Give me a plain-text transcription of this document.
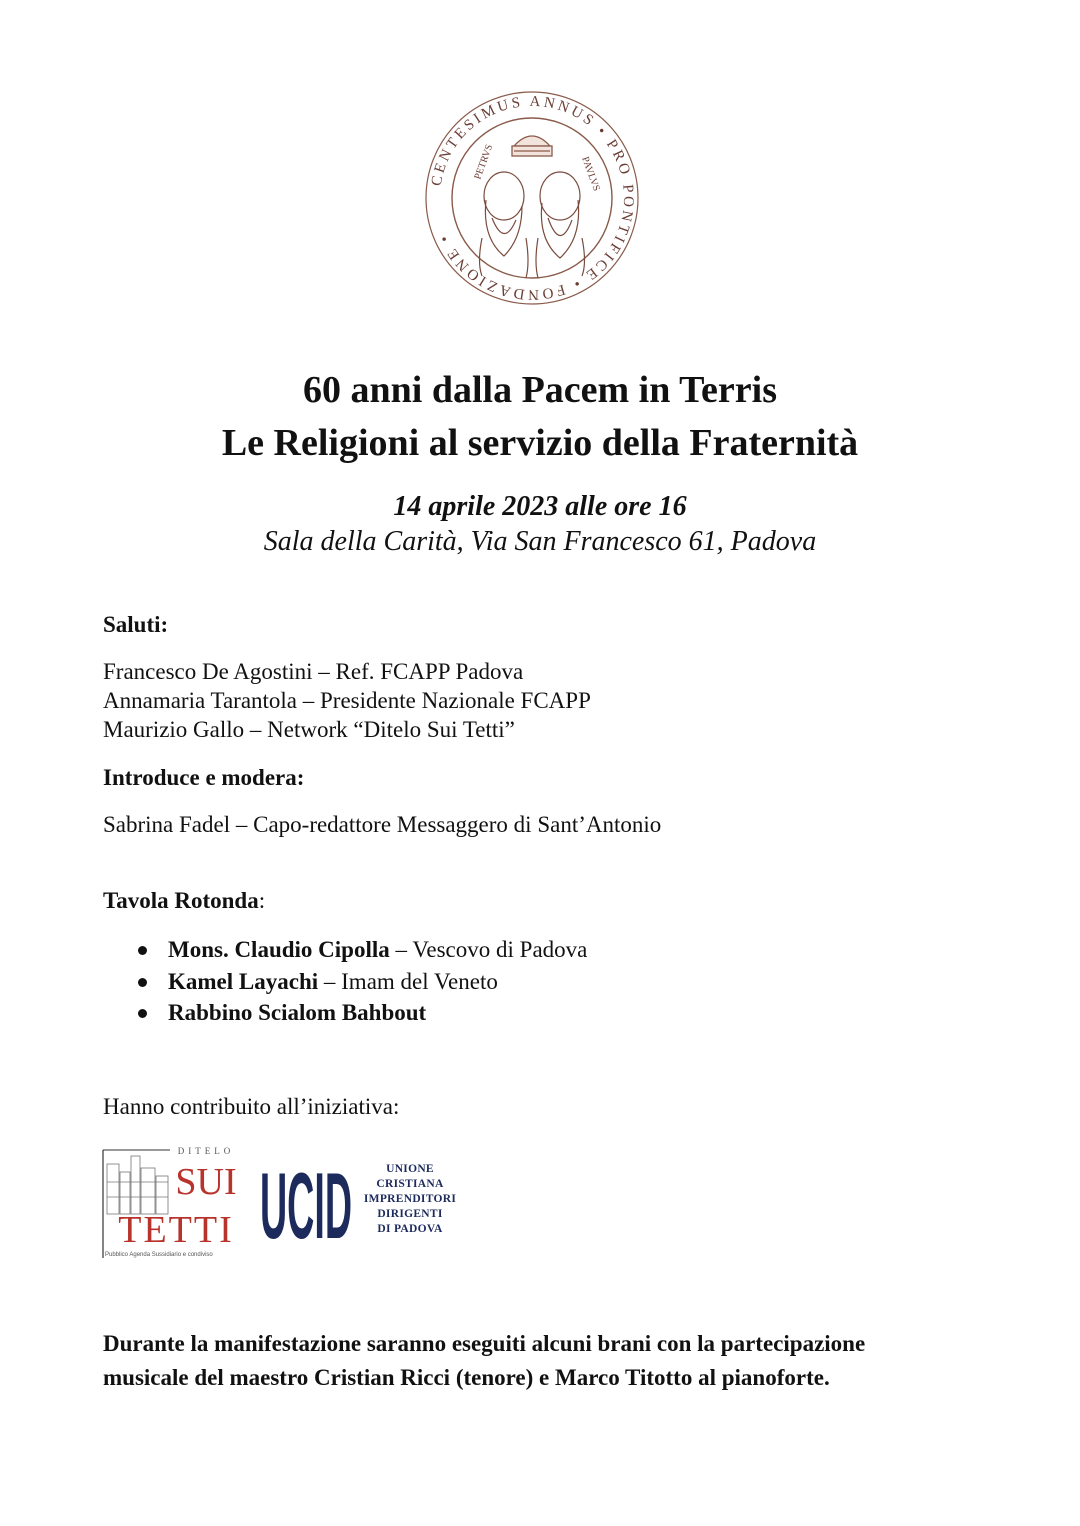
CENTESIMUS ANNUS • PRO PONTIFICE • FONDAZIONE •
PETRVS	PAVLVS
60 anni dalla Pacem in Terris
Le Religioni al servizio della Fraternità
14 aprile 2023 alle ore 16
Sala della Carità, Via San Francesco 61, Padova
Saluti:
Francesco De Agostini – Ref. FCAPP Padova
Annamaria Tarantola – Presidente Nazionale FCAPP
Maurizio Gallo – Network “Ditelo Sui Tetti”
Introduce e modera:
Sabrina Fadel – Capo-redattore Messaggero di Sant’Antonio
Tavola Rotonda:
Mons. Claudio Cipolla – Vescovo di Padova
Kamel Layachi – Imam del Veneto
Rabbino Scialom Bahbout
Hanno contribuito all’iniziativa:
DITELO
SUI
TETTI
Pubblico Agenda Sussidiario e condiviso UCID	UNIONE
CRISTIANA
IMPRENDITORI
DIRIGENTI
DI PADOVA
Durante la manifestazione saranno eseguiti alcuni brani con la partecipazione
musicale del maestro Cristian Ricci (tenore) e Marco Titotto al pianoforte.
